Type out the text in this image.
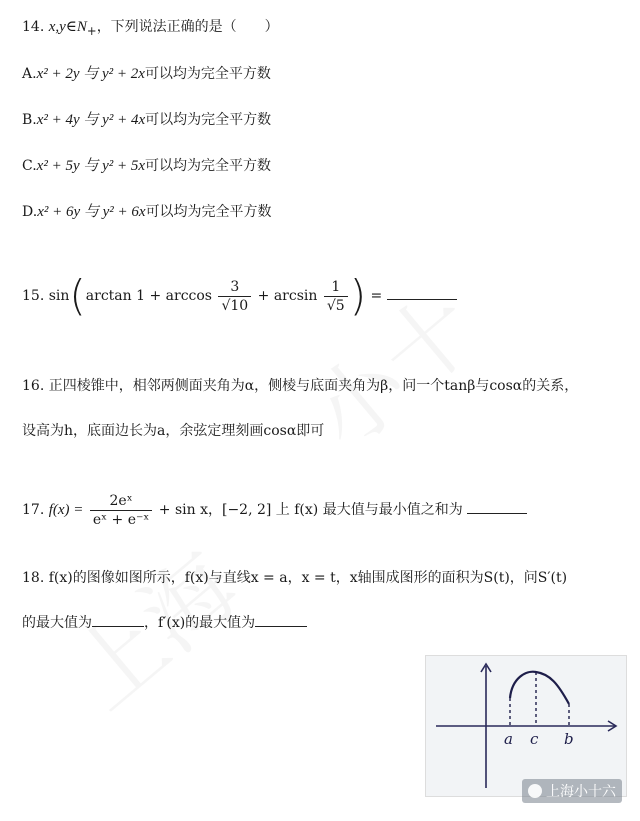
14. $x,y\in N_+$，下列说法正确的是（　　）
A.x² + 2y 与 y² + 2x可以均为完全平方数
B.x² + 4y 与 y² + 4x可以均为完全平方数
C.x² + 5y 与 y² + 5x可以均为完全平方数
D.x² + 6y 与 y² + 6x可以均为完全平方数
15. sin(arctan $1 + \arccos \frac{3}{√10} + \arcsin \frac{1}{√5}$ ) =
16. 正四棱锥中，相邻两侧面夹角为α，侧棱与底面夹角为β，问一个tanβ与cosα的关系，
设高为h，底面边长为a，余弦定理刻画cosα即可
17. $f(x) = \frac{\text{2eˣ}}{\text{eˣ + e⁻ˣ}} + \sin x$，[−2, 2] 上 f(x) 最大值与最小值之和为
18. f(x)的图像如图所示，f(x)与直线x = a，x = t，x轴围成图形的面积为S(t)，问S′(t)
的最大值为	，f′(x)的最大值为
a c b
上海小十六
